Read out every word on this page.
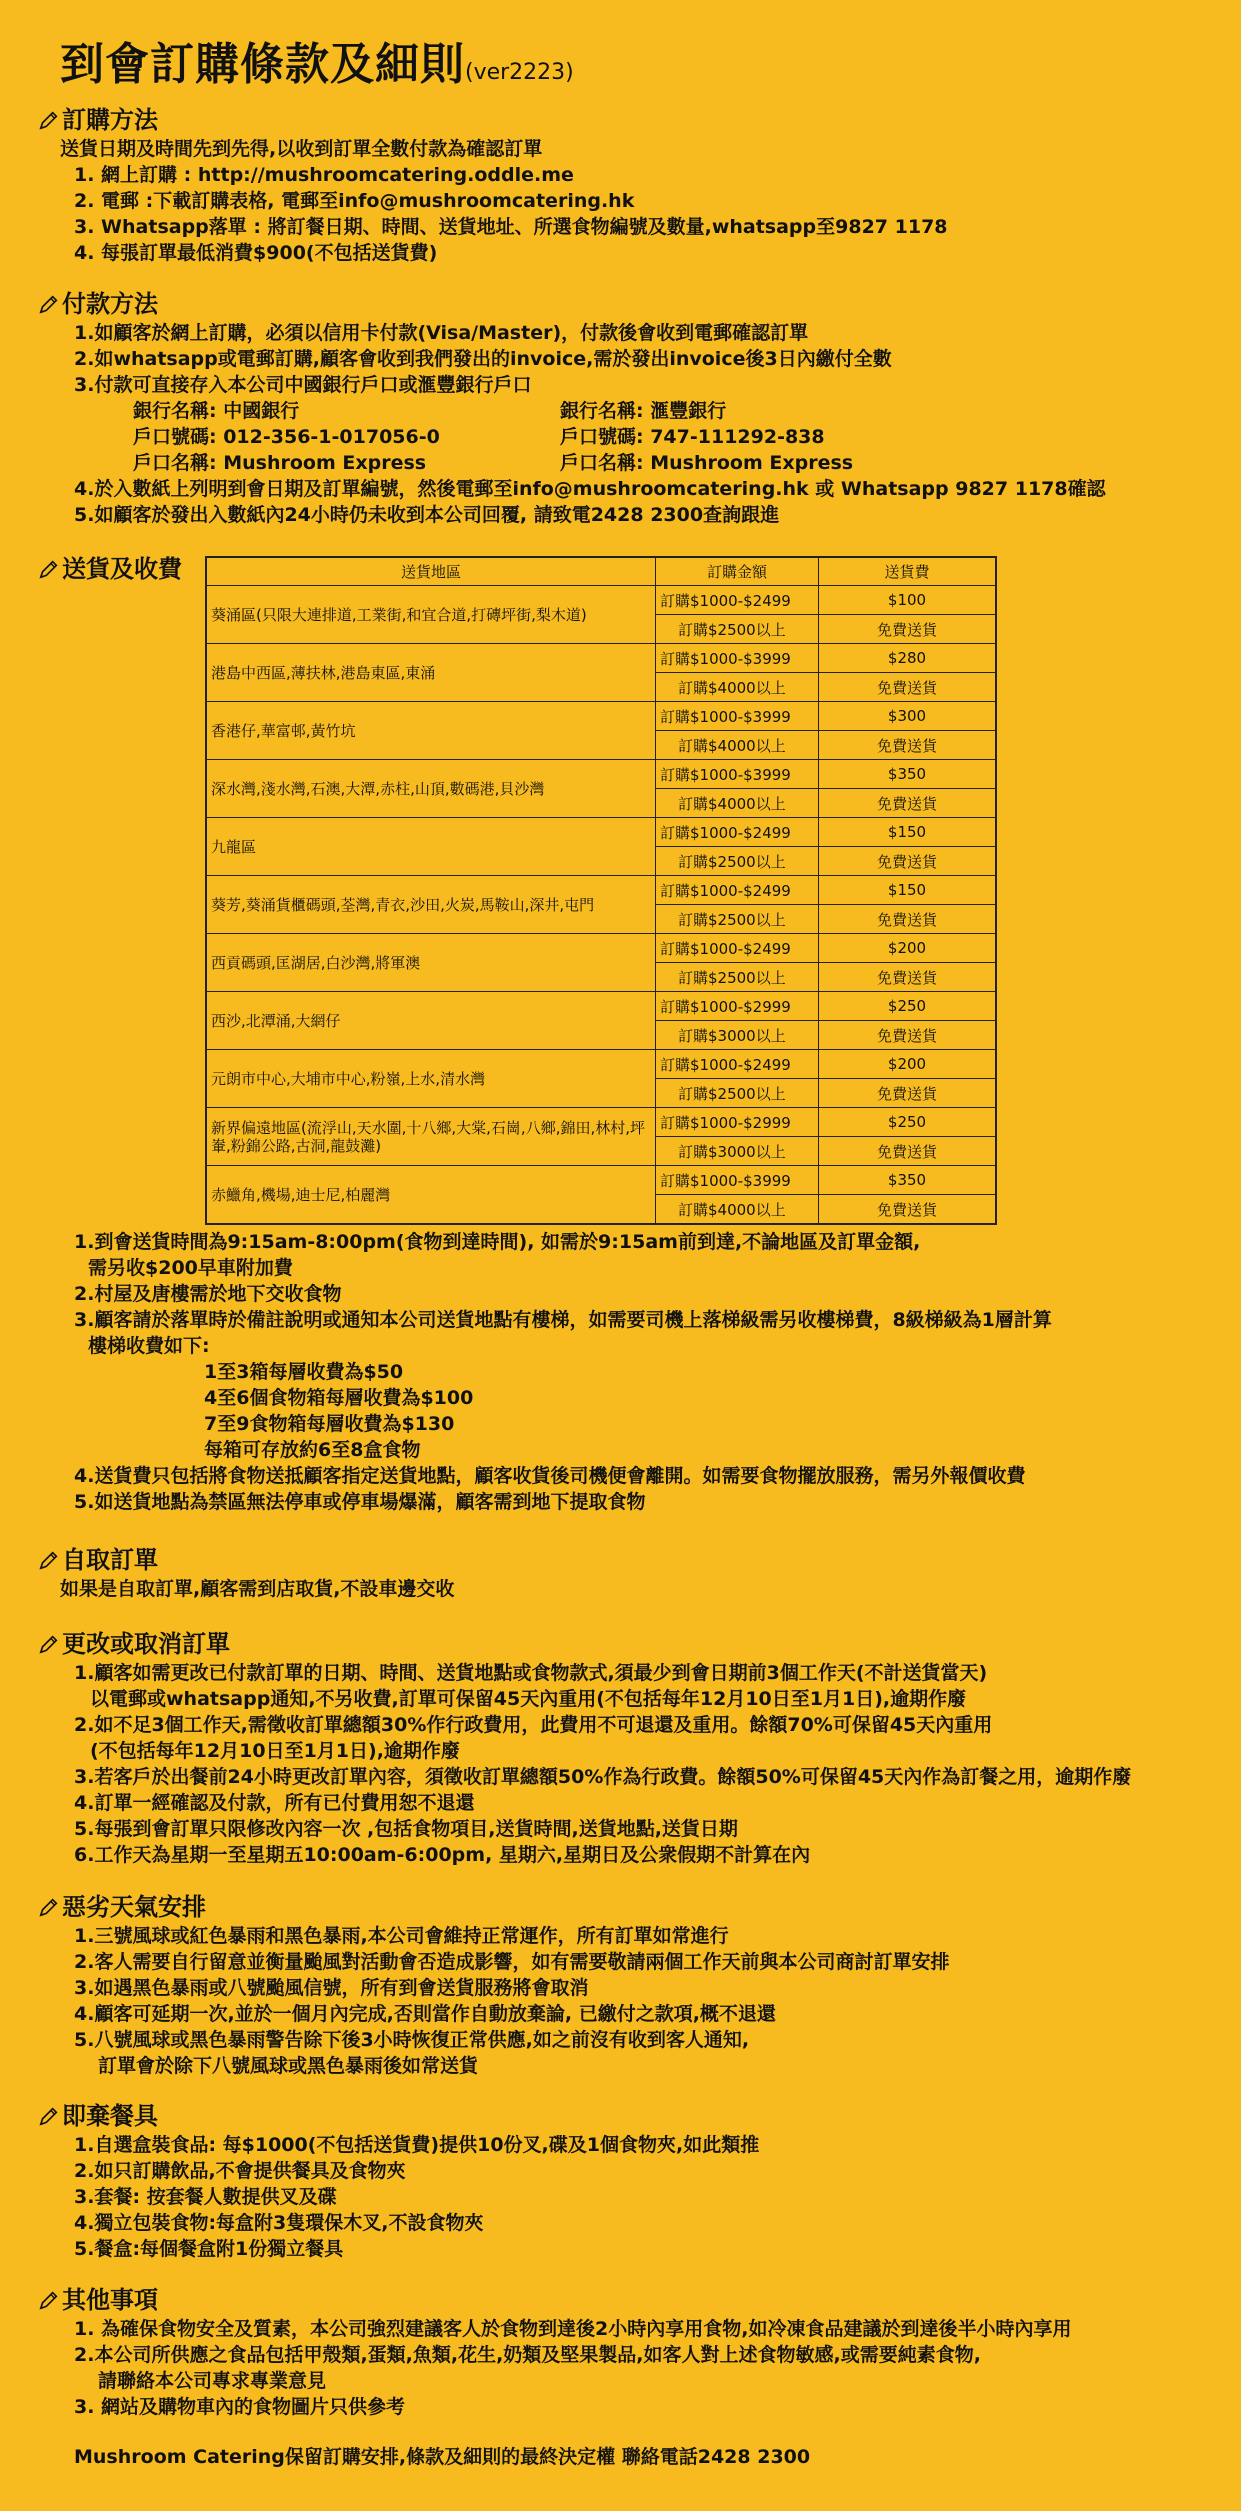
到會訂購條款及細則(ver2223)
訂購方法
送貨日期及時間先到先得,以收到訂單全數付款為確認訂單
1. 網上訂購 : http://mushroomcatering.oddle.me
2. 電郵 :下載訂購表格, 電郵至info@mushroomcatering.hk
3. Whatsapp落單 : 將訂餐日期、時間、送貨地址、所選食物編號及數量,whatsapp至9827 1178
4. 每張訂單最低消費$900(不包括送貨費)
付款方法
1.如顧客於網上訂購，必須以信用卡付款(Visa/Master)，付款後會收到電郵確認訂單
2.如whatsapp或電郵訂購,顧客會收到我們發出的invoice,需於發出invoice後3日內繳付全數
3.付款可直接存入本公司中國銀行戶口或滙豐銀行戶口
銀行名稱: 中國銀行	銀行名稱: 滙豐銀行
戶口號碼: 012-356-1-017056-0	戶口號碼: 747-111292-838
戶口名稱: Mushroom Express	戶口名稱: Mushroom Express
4.於入數紙上列明到會日期及訂單編號，然後電郵至info@mushroomcatering.hk 或 Whatsapp 9827 1178確認
5.如顧客於發出入數紙內24小時仍未收到本公司回覆, 請致電2428 2300查詢跟進
送貨及收費	送貨地區	訂購金額	送貨費
葵涌區(只限大連排道,工業街,和宜合道,打磚坪街,梨木道)	訂購$1000-$2499	$100
	訂購$2500以上	免費送貨
港島中西區,薄扶林,港島東區,東涌	訂購$1000-$3999	$280
	訂購$4000以上	免費送貨
香港仔,華富邨,黃竹坑	訂購$1000-$3999	$300
	訂購$4000以上	免費送貨
深水灣,淺水灣,石澳,大潭,赤柱,山頂,數碼港,貝沙灣	訂購$1000-$3999	$350
	訂購$4000以上	免費送貨
九龍區	訂購$1000-$2499	$150
	訂購$2500以上	免費送貨
葵芳,葵涌貨櫃碼頭,荃灣,青衣,沙田,火炭,馬鞍山,深井,屯門	訂購$1000-$2499	$150
	訂購$2500以上	免費送貨
西貢碼頭,匡湖居,白沙灣,將軍澳	訂購$1000-$2499	$200
	訂購$2500以上	免費送貨
西沙,北潭涌,大網仔	訂購$1000-$2999	$250
	訂購$3000以上	免費送貨
元朗市中心,大埔市中心,粉嶺,上水,清水灣	訂購$1000-$2499	$200
	訂購$2500以上	免費送貨
新界偏遠地區(流浮山,天水圍,十八鄉,大棠,石崗,八鄉,錦田,林村,坪輋,粉錦公路,古洞,龍鼓灘)	訂購$1000-$2999	$250
	訂購$3000以上	免費送貨
赤鱲角,機場,迪士尼,柏麗灣	訂購$1000-$3999	$350
	訂購$4000以上	免費送貨
1.到會送貨時間為9:15am-8:00pm(食物到達時間), 如需於9:15am前到達,不論地區及訂單金額,
需另收$200早車附加費
2.村屋及唐樓需於地下交收食物
3.顧客請於落單時於備註說明或通知本公司送貨地點有樓梯，如需要司機上落梯級需另收樓梯費，8級梯級為1層計算
樓梯收費如下:
1至3箱每層收費為$50
4至6個食物箱每層收費為$100
7至9食物箱每層收費為$130
每箱可存放約6至8盒食物
4.送貨費只包括將食物送抵顧客指定送貨地點，顧客收貨後司機便會離開。如需要食物擺放服務，需另外報價收費
5.如送貨地點為禁區無法停車或停車場爆滿，顧客需到地下提取食物
自取訂單
如果是自取訂單,顧客需到店取貨,不設車邊交收
更改或取消訂單
1.顧客如需更改已付款訂單的日期、時間、送貨地點或食物款式,須最少到會日期前3個工作天(不計送貨當天)
以電郵或whatsapp通知,不另收費,訂單可保留45天內重用(不包括每年12月10日至1月1日),逾期作廢
2.如不足3個工作天,需徵收訂單總額30%作行政費用，此費用不可退還及重用。餘額70%可保留45天內重用
(不包括每年12月10日至1月1日),逾期作廢
3.若客戶於出餐前24小時更改訂單內容，須徵收訂單總額50%作為行政費。餘額50%可保留45天內作為訂餐之用，逾期作廢
4.訂單一經確認及付款，所有已付費用恕不退還
5.每張到會訂單只限修改內容一次 ,包括食物項目,送貨時間,送貨地點,送貨日期
6.工作天為星期一至星期五10:00am-6:00pm, 星期六,星期日及公衆假期不計算在內
惡劣天氣安排
1.三號風球或紅色暴雨和黑色暴雨,本公司會維持正常運作，所有訂單如常進行
2.客人需要自行留意並衡量颱風對活動會否造成影響，如有需要敬請兩個工作天前與本公司商討訂單安排
3.如遇黑色暴雨或八號颱風信號，所有到會送貨服務將會取消
4.顧客可延期一次,並於一個月內完成,否則當作自動放棄論, 已繳付之款項,概不退還
5.八號風球或黑色暴雨警告除下後3小時恢復正常供應,如之前沒有收到客人通知,
訂單會於除下八號風球或黑色暴雨後如常送貨
即棄餐具
1.自選盒裝食品: 每$1000(不包括送貨費)提供10份叉,碟及1個食物夾,如此類推
2.如只訂購飲品,不會提供餐具及食物夾
3.套餐: 按套餐人數提供叉及碟
4.獨立包裝食物:每盒附3隻環保木叉,不設食物夾
5.餐盒:每個餐盒附1份獨立餐具
其他事項
1. 為確保食物安全及質素，本公司強烈建議客人於食物到達後2小時內享用食物,如冷凍食品建議於到達後半小時內享用
2.本公司所供應之食品包括甲殼類,蛋類,魚類,花生,奶類及堅果製品,如客人對上述食物敏感,或需要純素食物,
請聯絡本公司專求專業意見
3. 網站及購物車內的食物圖片只供參考
Mushroom Catering保留訂購安排,條款及細則的最終決定權 聯絡電話2428 2300
